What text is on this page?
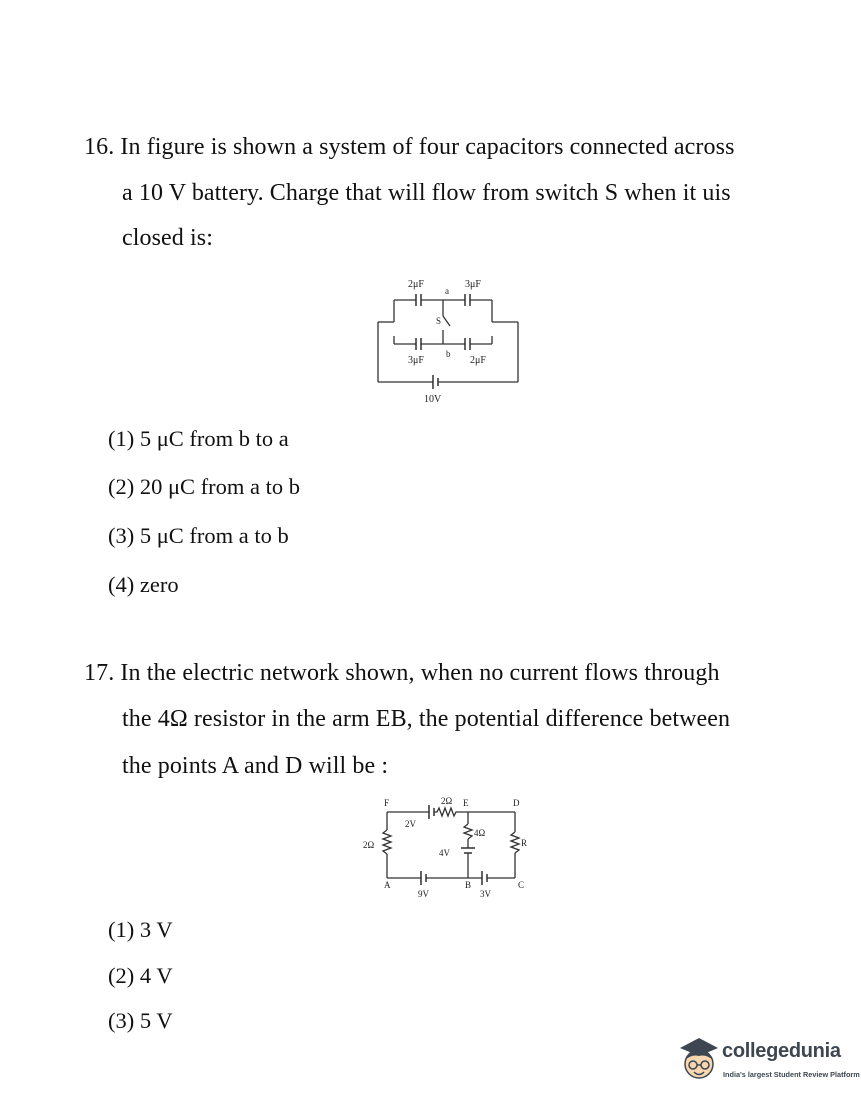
16. In figure is shown a system of four capacitors connected across
a 10 V battery. Charge that will flow from switch S when it uis
closed is:
2μF	3μF
a
S
b
3μF	2μF
10V
(1) 5 μC from b to a
(2) 20 μC from a to b
(3) 5 μC from a to b
(4) zero
17. In the electric network shown, when no current flows through
the 4Ω resistor in the arm EB, the potential difference between
the points A and D will be :
F	E	D
2Ω
2V
2Ω
4Ω
4V
R
A	B	C
9V	3V
(1) 3 V
(2) 4 V
(3) 5 V
collegedunia
India's largest Student Review Platform
